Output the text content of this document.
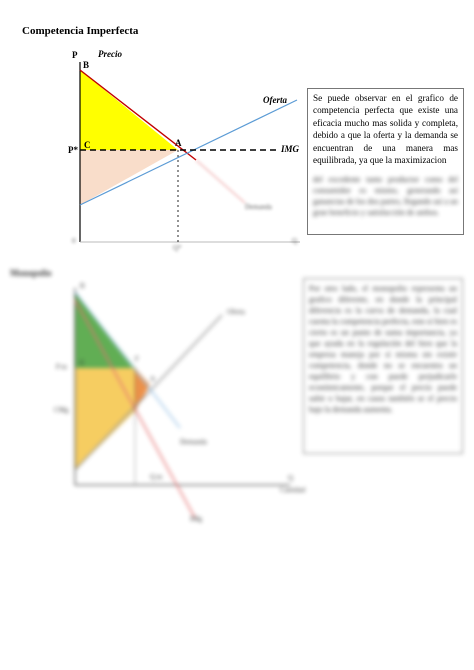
Competencia Imperfecta
P Precio
B
Oferta
C
P*
A
IMG
Demanda
0
Q*
Q
Se puede observar en el grafico de competencia perfecta que existe una eficacia mucho mas solida y completa, debido a que la oferta y la demanda se encuentran de una manera mas equilibrada, ya que la maximizacion
del excedente tanto productor como del consumidor es mismo, generando así ganancias de los dos partes, llegando así a un gran beneficio y satisfacción de ambos.
Monopolio
B
Oferta
P m E	F
A
CMg
Demanda
Q
Cantidad
Q m
IMg
Por otro lado, el monopolio representa un grafico diferente, en donde la principal diferencia es la curva de demanda, la cual cuenta la competencia perfecta, esto si bien es cierto es un punto de suma importancia, ya que ayuda en la regulación del bien que la empresa maneja por sí misma sin existir competencia, donde no se encuentra un equilibrio y con puede perjudicarle económicamente, porque el precio puede subir o bajar, en casos también se el precio bajo la demanda aumenta.
